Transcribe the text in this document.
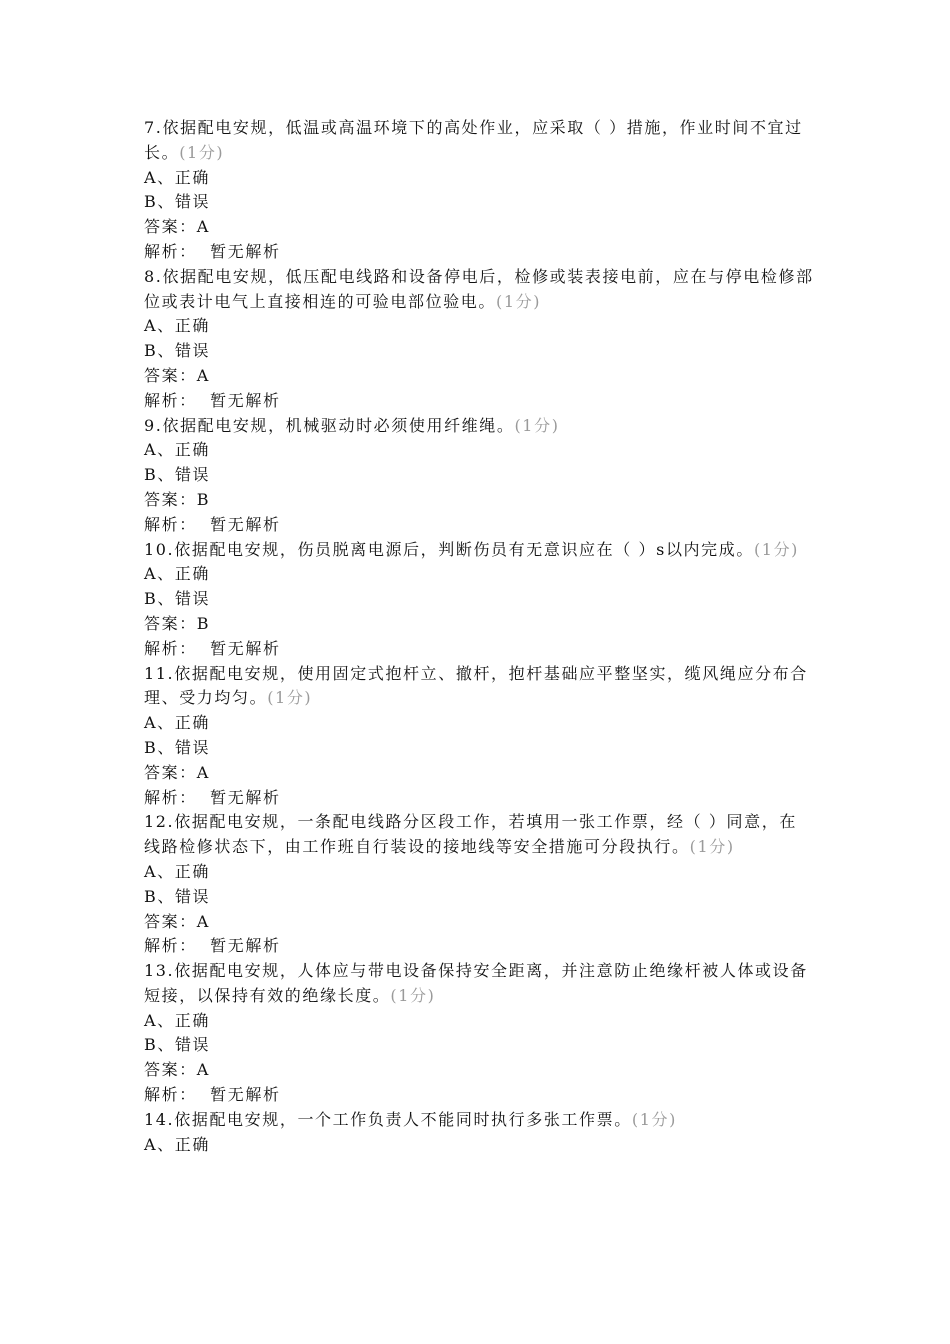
7.依据配电安规，低温或高温环境下的高处作业，应采取（ ）措施，作业时间不宜过长。(1分)

A、正确

B、错误

答案：A

解析：  暂无解析

8.依据配电安规，低压配电线路和设备停电后，检修或装表接电前，应在与停电检修部位或表计电气上直接相连的可验电部位验电。(1分)

A、正确

B、错误

答案：A

解析：  暂无解析

9.依据配电安规，机械驱动时必须使用纤维绳。(1分)

A、正确

B、错误

答案：B

解析：  暂无解析

10.依据配电安规，伤员脱离电源后，判断伤员有无意识应在（ ）s以内完成。(1分)

A、正确

B、错误

答案：B

解析：  暂无解析

11.依据配电安规，使用固定式抱杆立、撤杆，抱杆基础应平整坚实，缆风绳应分布合理、受力均匀。(1分)

A、正确

B、错误

答案：A

解析：  暂无解析

12.依据配电安规，一条配电线路分区段工作，若填用一张工作票，经（ ）同意，在线路检修状态下，由工作班自行装设的接地线等安全措施可分段执行。(1分)

A、正确

B、错误

答案：A

解析：  暂无解析

13.依据配电安规，人体应与带电设备保持安全距离，并注意防止绝缘杆被人体或设备短接，以保持有效的绝缘长度。(1分)

A、正确

B、错误

答案：A

解析：  暂无解析

14.依据配电安规，一个工作负责人不能同时执行多张工作票。(1分)

A、正确
